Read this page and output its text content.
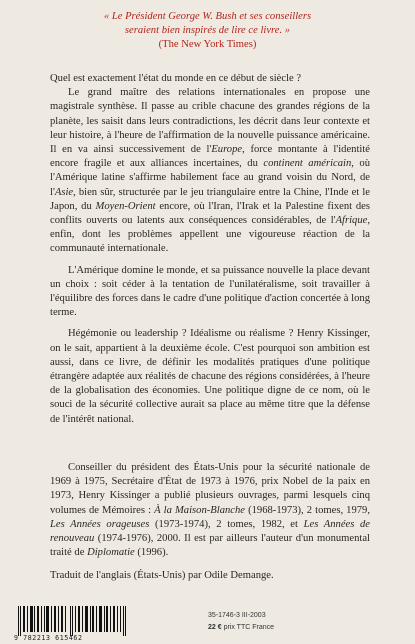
« Le Président George W. Bush et ses conseillers
seraient bien inspirés de lire ce livre. »
(The New York Times)

Quel est exactement l'état du monde en ce début de siècle ?

Le grand maître des relations internationales en propose une magistrale synthèse. Il passe au crible chacune des grandes régions de la planète, les saisit dans leurs contradictions, les décrit dans leur contexte et leur histoire, à l'heure de l'affirmation de la nouvelle puissance américaine. Il en va ainsi successivement de l'Europe, force montante à l'identité encore fragile et aux alliances incertaines, du continent américain, où l'Amérique latine s'affirme habilement face au grand voisin du Nord, de l'Asie, bien sûr, structurée par le jeu triangulaire entre la Chine, l'Inde et le Japon, du Moyen-Orient encore, où l'Iran, l'Irak et la Palestine fixent des conflits ouverts ou latents aux conséquences considérables, de l'Afrique, enfin, dont les problèmes appellent une vigoureuse réaction de la communauté internationale.

L'Amérique domine le monde, et sa puissance nouvelle la place devant un choix : soit céder à la tentation de l'unilatéralisme, soit travailler à l'équilibre des forces dans le cadre d'une politique d'action concertée à long terme.

Hégémonie ou leadership ? Idéalisme ou réalisme ? Henry Kissinger, on le sait, appartient à la deuxième école. C'est pourquoi son ambition est aussi, dans ce livre, de définir les modalités pratiques d'une politique étrangère adaptée aux réalités de chacune des régions considérées, à l'heure de la globalisation des économies. Une politique digne de ce nom, où le souci de la sécurité collective aurait sa place au même titre que la défense de l'intérêt national.

Conseiller du président des États-Unis pour la sécurité nationale de 1969 à 1975, Secrétaire d'État de 1973 à 1976, prix Nobel de la paix en 1973, Henry Kissinger a publié plusieurs ouvrages, parmi lesquels cinq volumes de Mémoires : À la Maison-Blanche (1968-1973), 2 tomes, 1979, Les Années orageuses (1973-1974), 2 tomes, 1982, et Les Années de renouveau (1974-1976), 2000. Il est par ailleurs l'auteur d'un monumental traité de Diplomatie (1996).

Traduit de l'anglais (États-Unis) par Odile Demange.

9 782213 615462
35-1746-3 III-2003
22 € prix TTC France
